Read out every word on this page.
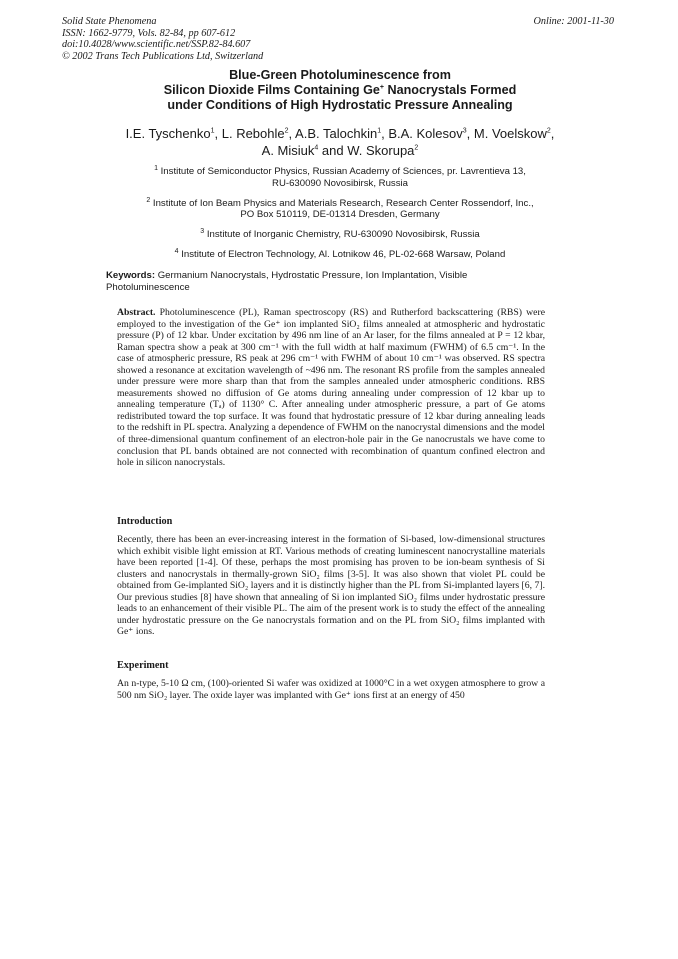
Solid State Phenomena
ISSN: 1662-9779, Vols. 82-84, pp 607-612
doi:10.4028/www.scientific.net/SSP.82-84.607
© 2002 Trans Tech Publications Ltd, Switzerland
Online: 2001-11-30
Blue-Green Photoluminescence from
Silicon Dioxide Films Containing Ge+ Nanocrystals Formed
under Conditions of High Hydrostatic Pressure Annealing
I.E. Tyschenko$^1$, L. Rebohle$^2$, A.B. Talochkin$^1$, B.A. Kolesov$^3$, M. Voelskow$^2$,
A. Misiuk$^4$ and W. Skorupa$^2$
$^1$ Institute of Semiconductor Physics, Russian Academy of Sciences, pr. Lavrentieva 13,
RU-630090 Novosibirsk, Russia
$^2$ Institute of Ion Beam Physics and Materials Research, Research Center Rossendorf, Inc.,
PO Box 510119, DE-01314 Dresden, Germany
$^3$ Institute of Inorganic Chemistry, RU-630090 Novosibirsk, Russia
$^4$ Institute of Electron Technology, Al. Lotnikow 46, PL-02-668 Warsaw, Poland
Keywords: Germanium Nanocrystals, Hydrostatic Pressure, Ion Implantation, Visible Photoluminescence
Abstract. Photoluminescence (PL), Raman spectroscopy (RS) and Rutherford backscattering (RBS) were employed to the investigation of the Ge⁺ ion implanted SiO₂ films annealed at atmospheric and hydrostatic pressure (P) of 12 kbar. Under excitation by 496 nm line of an Ar laser, for the films annealed at P = 12 kbar, Raman spectra show a peak at 300 cm⁻¹ with the full width at half maximum (FWHM) of 6.5 cm⁻¹. In the case of atmospheric pressure, RS peak at 296 cm⁻¹ with FWHM of about 10 cm⁻¹ was observed. RS spectra showed a resonance at excitation wavelength of ~496 nm. The resonant RS profile from the samples annealed under pressure were more sharp than that from the samples annealed under atmospheric conditions. RBS measurements showed no diffusion of Ge atoms during annealing under compression of 12 kbar up to annealing temperature (Tₐ) of 1130° C. After annealing under atmospheric pressure, a part of Ge atoms redistributed toward the top surface. It was found that hydrostatic pressure of 12 kbar during annealing leads to the redshift in PL spectra. Analyzing a dependence of FWHM on the nanocrystal dimensions and the model of three-dimensional quantum confinement of an electron-hole pair in the Ge nanocrustals we have come to conclusion that PL bands obtained are not connected with recombination of quantum confined electron and hole in silicon nanocrystals.
Introduction
Recently, there has been an ever-increasing interest in the formation of Si-based, low-dimensional structures which exhibit visible light emission at RT. Various methods of creating luminescent nanocrystalline materials have been reported [1-4]. Of these, perhaps the most promising has proven to be ion-beam synthesis of Si clusters and nanocrystals in thermally-grown SiO₂ films [3-5]. It was also shown that violet PL could be obtained from Ge-implanted SiO₂ layers and it is distinctly higher than the PL from Si-implanted layers [6, 7]. Our previous studies [8] have shown that annealing of Si ion implanted SiO₂ films under hydrostatic pressure leads to an enhancement of their visible PL. The aim of the present work is to study the effect of the annealing under hydrostatic pressure on the Ge nanocrystals formation and on the PL from SiO₂ films implanted with Ge⁺ ions.
Experiment
An n-type, 5-10 Ω cm, (100)-oriented Si wafer was oxidized at 1000°C in a wet oxygen atmosphere to grow a 500 nm SiO₂ layer. The oxide layer was implanted with Ge⁺ ions first at an energy of 450
